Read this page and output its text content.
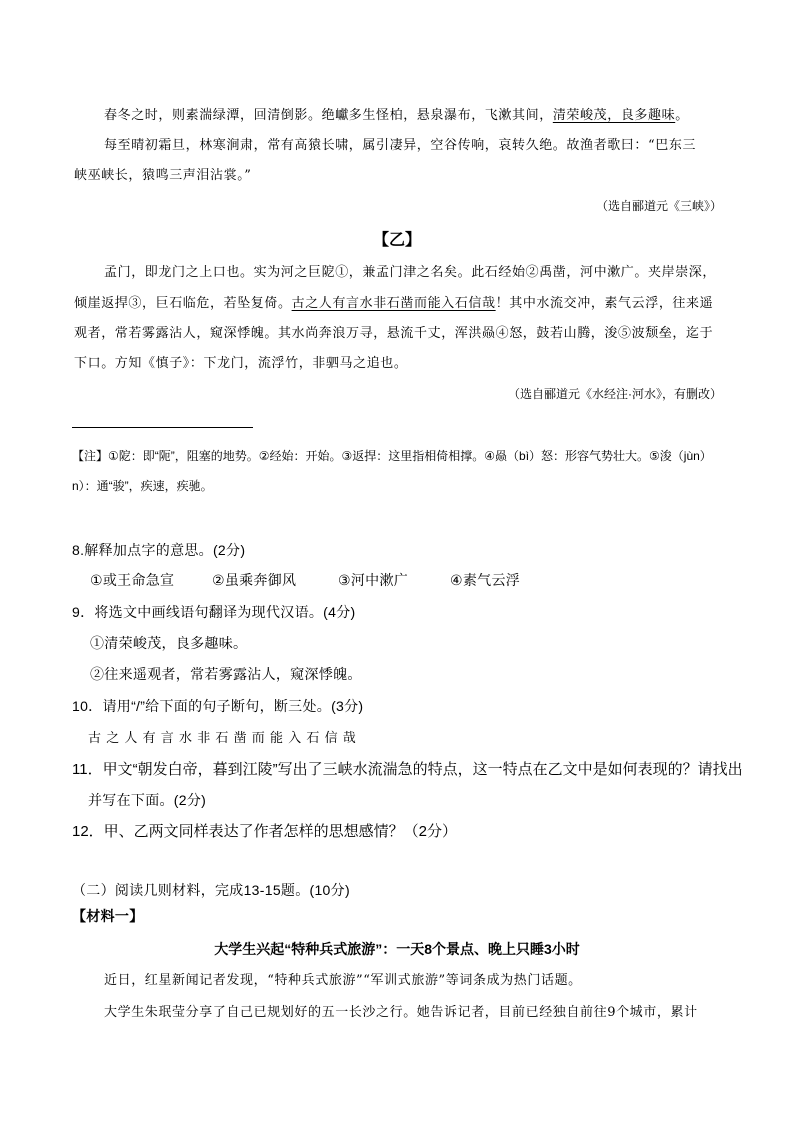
春冬之时，则素湍绿潭，回清倒影。绝巘多生怪柏，悬泉瀑布，飞漱其间，清荣峻茂，良多趣味。
每至晴初霜旦，林寒涧肃，常有高猿长啸，属引凄异，空谷传响，哀转久绝。故渔者歌曰：“巴东三
峡巫峡长，猿鸣三声泪沾裳。”
（选自郦道元《三峡》）
【乙】
孟门，即龙门之上口也。实为河之巨阸①，兼孟门津之名矣。此石经始②禹凿，河中漱广。夹岸崇深，
倾崖返捍③，巨石临危，若坠复倚。古之人有言水非石凿而能入石信哉！其中水流交冲，素气云浮，往来遥
观者，常若雾露沾人，窥深悸魄。其水尚奔浪万寻，悬流千丈，浑洪赑④怒，鼓若山腾，浚⑤波颓垒，迄于
下口。方知《慎子》：下龙门，流浮竹，非驷马之追也。
（选自郦道元《水经注·河水》，有删改）
【注】①阸：即“阨”，阻塞的地势。②经始：开始。③返捍：这里指相倚相撑。④赑（bì）怒：形容气势壮大。⑤浚（jùn）
n）：通“骏”，疾速，疾驰。
8.解释加点字的意思。(2分)
①或王命急宣	②虽乘奔御风	③河中漱广	④素气云浮
9．将选文中画线语句翻译为现代汉语。(4分)
①清荣峻茂，良多趣味。
②往来遥观者，常若雾露沾人，窥深悸魄。
10．请用“/”给下面的句子断句，断三处。(3分)
古之人有言水非石凿而能入石信哉
11．甲文“朝发白帝，暮到江陵”写出了三峡水流湍急的特点，这一特点在乙文中是如何表现的？请找出
并写在下面。(2分)
12．甲、乙两文同样表达了作者怎样的思想感情？（2分）
（二）阅读几则材料，完成13-15题。(10分)
【材料一】
大学生兴起“特种兵式旅游”：一天8个景点、晚上只睡3小时
近日，红星新闻记者发现，“特种兵式旅游”“军训式旅游”等词条成为热门话题。
大学生朱珉莹分享了自己已规划好的五一长沙之行。她告诉记者，目前已经独自前往9个城市，累计
